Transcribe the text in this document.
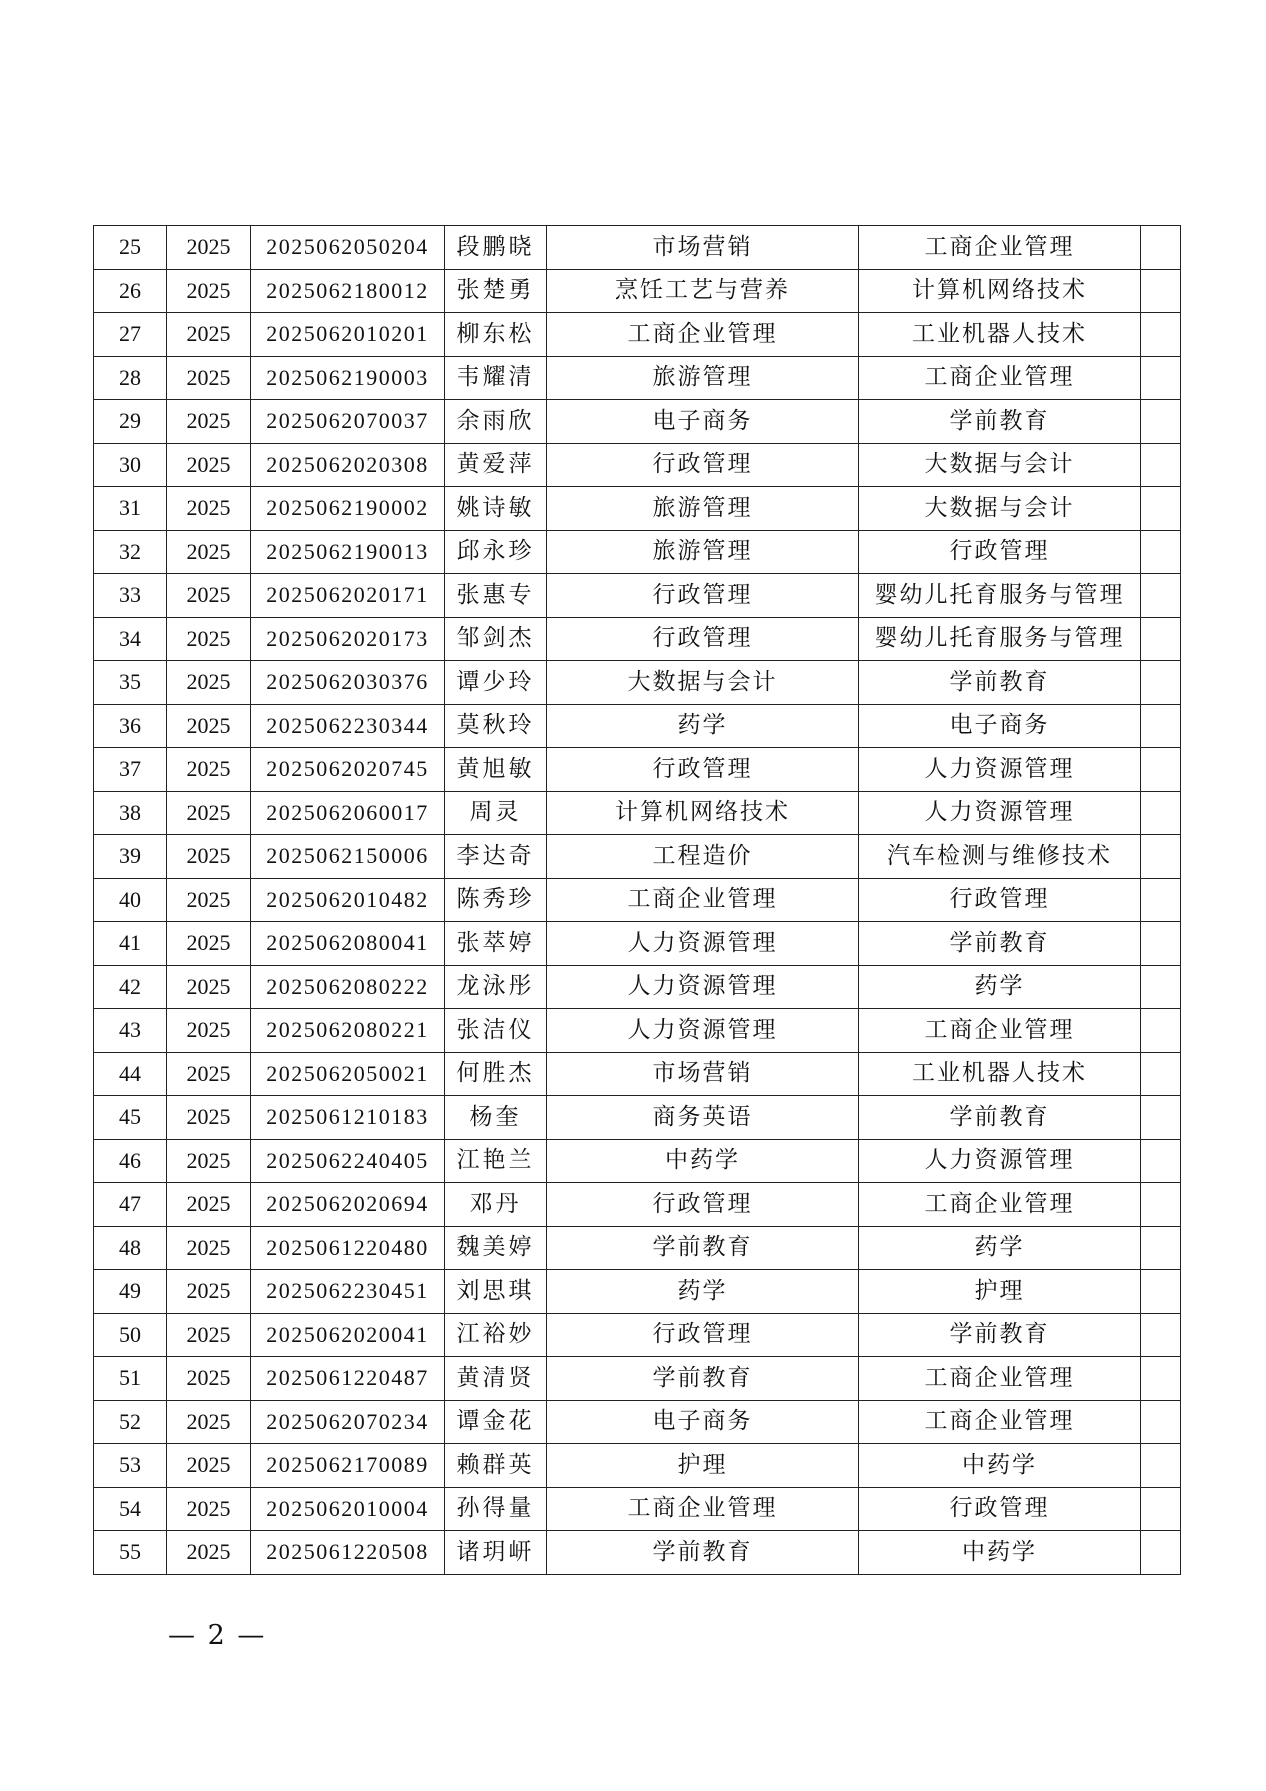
25	2025	2025062050204	段鹏晓	市场营销	工商企业管理	
26	2025	2025062180012	张楚勇	烹饪工艺与营养	计算机网络技术	
27	2025	2025062010201	柳东松	工商企业管理	工业机器人技术	
28	2025	2025062190003	韦耀清	旅游管理	工商企业管理	
29	2025	2025062070037	余雨欣	电子商务	学前教育	
30	2025	2025062020308	黄爱萍	行政管理	大数据与会计	
31	2025	2025062190002	姚诗敏	旅游管理	大数据与会计	
32	2025	2025062190013	邱永珍	旅游管理	行政管理	
33	2025	2025062020171	张惠专	行政管理	婴幼儿托育服务与管理	
34	2025	2025062020173	邹剑杰	行政管理	婴幼儿托育服务与管理	
35	2025	2025062030376	谭少玲	大数据与会计	学前教育	
36	2025	2025062230344	莫秋玲	药学	电子商务	
37	2025	2025062020745	黄旭敏	行政管理	人力资源管理	
38	2025	2025062060017	周灵	计算机网络技术	人力资源管理	
39	2025	2025062150006	李达奇	工程造价	汽车检测与维修技术	
40	2025	2025062010482	陈秀珍	工商企业管理	行政管理	
41	2025	2025062080041	张萃婷	人力资源管理	学前教育	
42	2025	2025062080222	龙泳彤	人力资源管理	药学	
43	2025	2025062080221	张洁仪	人力资源管理	工商企业管理	
44	2025	2025062050021	何胜杰	市场营销	工业机器人技术	
45	2025	2025061210183	杨奎	商务英语	学前教育	
46	2025	2025062240405	江艳兰	中药学	人力资源管理	
47	2025	2025062020694	邓丹	行政管理	工商企业管理	
48	2025	2025061220480	魏美婷	学前教育	药学	
49	2025	2025062230451	刘思琪	药学	护理	
50	2025	2025062020041	江裕妙	行政管理	学前教育	
51	2025	2025061220487	黄清贤	学前教育	工商企业管理	
52	2025	2025062070234	谭金花	电子商务	工商企业管理	
53	2025	2025062170089	赖群英	护理	中药学	
54	2025	2025062010004	孙得量	工商企业管理	行政管理	
55	2025	2025061220508	诸玥岍	学前教育	中药学	
— 2 —
